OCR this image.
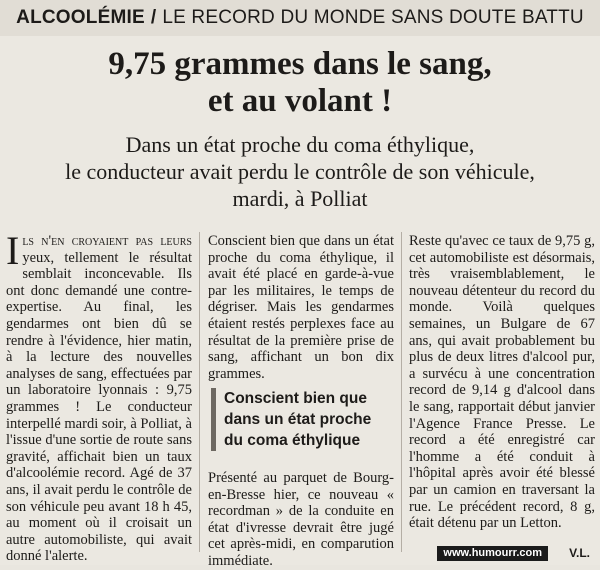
ALCOOLÉMIE / LE RECORD DU MONDE SANS DOUTE BATTU
9,75 grammes dans le sang,
et au volant !
Dans un état proche du coma éthylique,
le conducteur avait perdu le contrôle de son véhicule,
mardi, à Polliat

Ils n'en croyaient pas leurs yeux, tellement le résultat semblait inconcevable. Ils ont donc demandé une contre-expertise. Au final, les gendarmes ont bien dû se rendre à l'évidence, hier matin, à la lecture des nouvelles analyses de sang, effectuées par un laboratoire lyonnais : 9,75 grammes ! Le conducteur interpellé mardi soir, à Polliat, à l'issue d'une sortie de route sans gravité, affichait bien un taux d'alcoolémie record. Agé de 37 ans, il avait perdu le contrôle de son véhicule peu avant 18 h 45, au moment où il croisait un autre automobiliste, qui avait donné l'alerte.

Conscient bien que dans un état proche du coma éthylique, il avait été placé en garde-à-vue par les militaires, le temps de dégriser. Mais les gendarmes étaient restés perplexes face au résultat de la première prise de sang, affichant un bon dix grammes.

Conscient bien que
dans un état proche
du coma éthylique

Présenté au parquet de Bourg-en-Bresse hier, ce nouveau « recordman » de la conduite en état d'ivresse devrait être jugé cet après-midi, en comparution immédiate.

Reste qu'avec ce taux de 9,75 g, cet automobiliste est désormais, très vraisemblablement, le nouveau détenteur du record du monde. Voilà quelques semaines, un Bulgare de 67 ans, qui avait probablement bu plus de deux litres d'alcool pur, a survécu à une concentration record de 9,14 g d'alcool dans le sang, rapportait début janvier l'Agence France Presse. Le record a été enregistré car l'homme a été conduit à l'hôpital après avoir été blessé par un camion en traversant la rue. Le précédent record, 8 g, était détenu par un Letton.

www.humourr.com	V.L.
